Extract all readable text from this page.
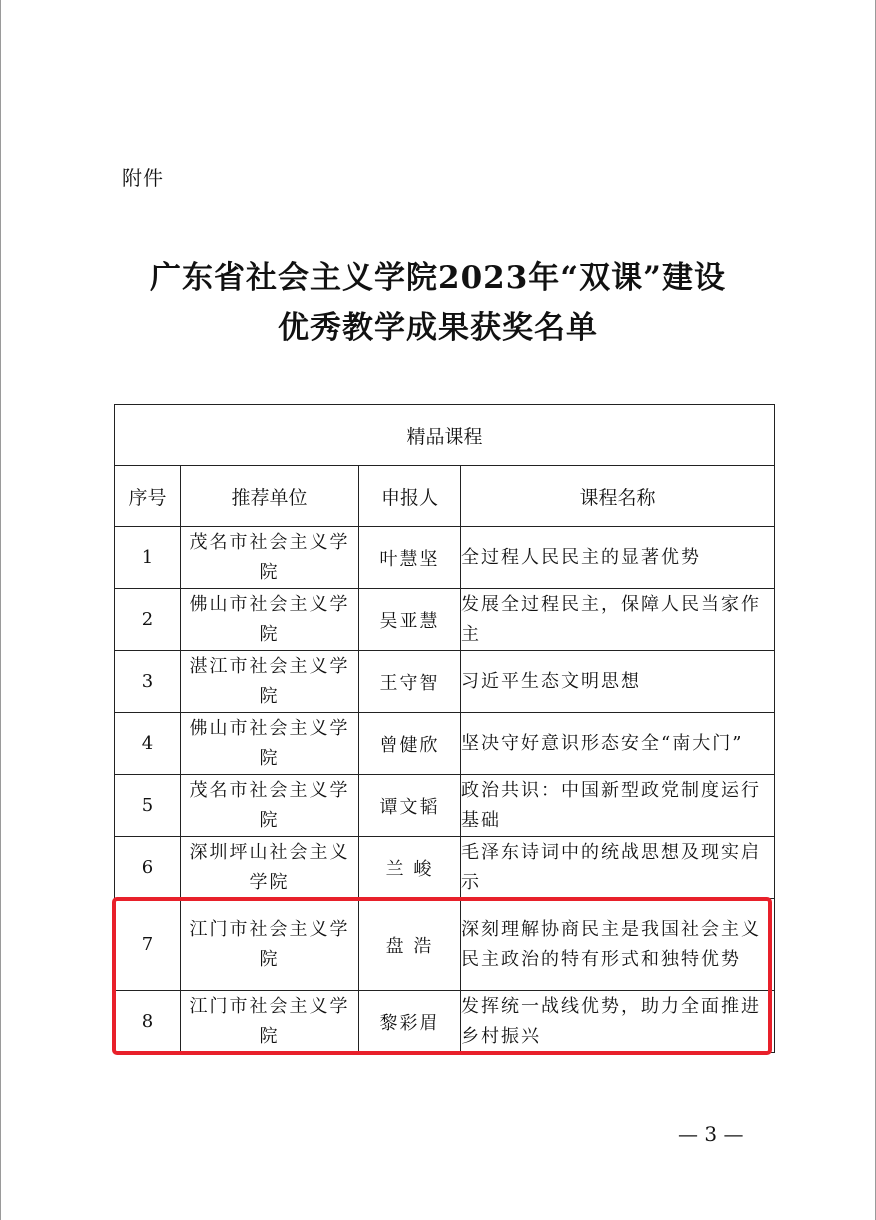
附件
广东省社会主义学院2023年“双课”建设
优秀教学成果获奖名单
精品课程			
序号	推荐单位	申报人	课程名称
1	茂名市社会主义学院	叶慧坚	全过程人民民主的显著优势
2	佛山市社会主义学院	吴亚慧	发展全过程民主，保障人民当家作主
3	湛江市社会主义学院	王守智	习近平生态文明思想
4	佛山市社会主义学院	曾健欣	坚决守好意识形态安全“南大门”
5	茂名市社会主义学院	谭文韬	政治共识：中国新型政党制度运行基础
6	深圳坪山社会主义学院	兰 峻	毛泽东诗词中的统战思想及现实启示
7	江门市社会主义学院	盘 浩	深刻理解协商民主是我国社会主义民主政治的特有形式和独特优势
8	江门市社会主义学院	黎彩眉	发挥统一战线优势，助力全面推进乡村振兴
— 3 —
